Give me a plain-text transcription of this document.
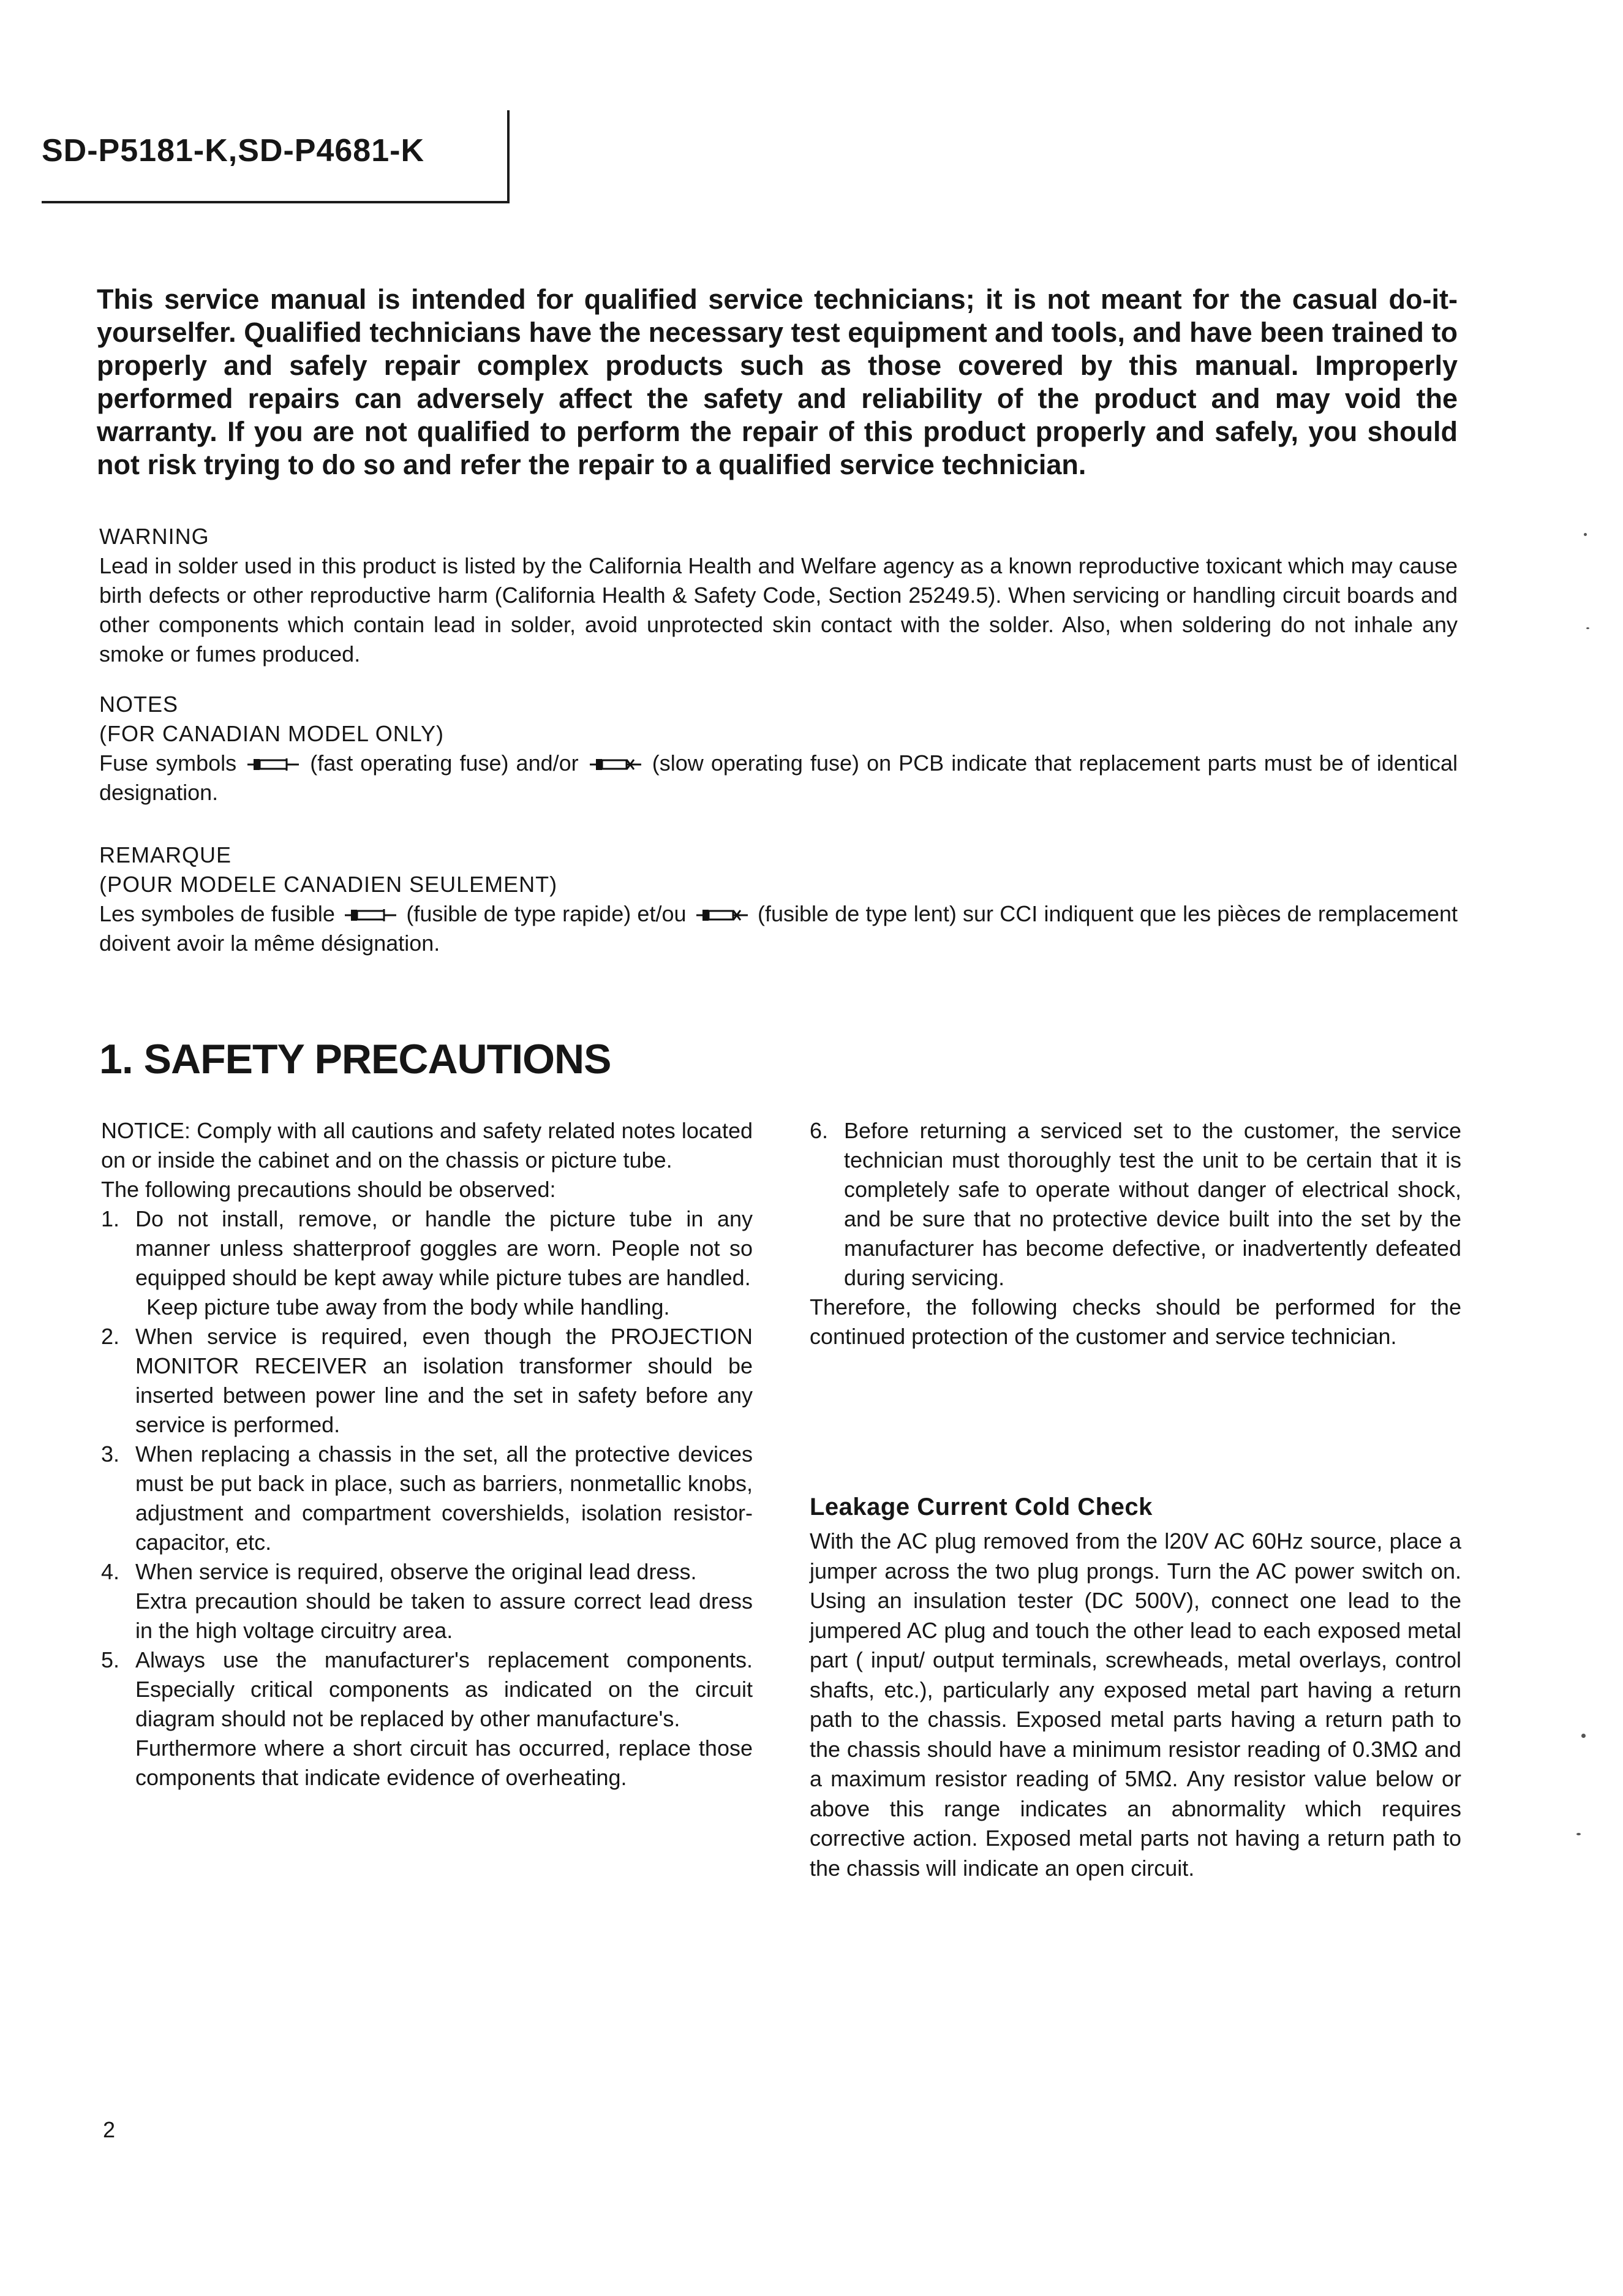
SD-P5181-K,SD-P4681-K

This service manual is intended for qualified service technicians; it is not meant for the casual do-it-yourselfer. Qualified technicians have the necessary test equipment and tools, and have been trained to properly and safely repair complex products such as those covered by this manual. Improperly performed repairs can adversely affect the safety and reliability of the product and may void the warranty. If you are not qualified to perform the repair of this product properly and safely, you should not risk trying to do so and refer the repair to a qualified service technician.

WARNING

Lead in solder used in this product is listed by the California Health and Welfare agency as a known reproductive toxicant which may cause birth defects or other reproductive harm (California Health & Safety Code, Section 25249.5). When servicing or handling circuit boards and other components which contain lead in solder, avoid unprotected skin contact with the solder. Also, when soldering do not inhale any smoke or fumes produced.

NOTES
(FOR CANADIAN MODEL ONLY)

Fuse symbols	(fast operating fuse) and/or	(slow operating fuse) on PCB indicate that replacement parts must be of identical designation.

REMARQUE
(POUR MODELE CANADIEN SEULEMENT)

Les symboles de fusible	(fusible de type rapide) et/ou	(fusible de type lent) sur CCI indiquent que les pièces de remplacement doivent avoir la même désignation.

1. SAFETY PRECAUTIONS

NOTICE: Comply with all cautions and safety related notes located on or inside the cabinet and on the chassis or picture tube.

The following precautions should be observed:

1. Do not install, remove, or handle the picture tube in any manner unless shatterproof goggles are worn. People not so equipped should be kept away while picture tubes are handled.
Keep picture tube away from the body while handling.
2. When service is required, even though the PROJECTION MONITOR RECEIVER an isolation transformer should be inserted between power line and the set in safety before any service is performed.
3. When replacing a chassis in the set, all the protective devices must be put back in place, such as barriers, nonmetallic knobs, adjustment and compartment covershields, isolation resistor-capacitor, etc.
4. When service is required, observe the original lead dress.
Extra precaution should be taken to assure correct lead dress in the high voltage circuitry area.
5. Always use the manufacturer's replacement components. Especially critical components as indicated on the circuit diagram should not be replaced by other manufacture's.
Furthermore where a short circuit has occurred, replace those components that indicate evidence of overheating.
6. Before returning a serviced set to the customer, the service technician must thoroughly test the unit to be certain that it is completely safe to operate without danger of electrical shock, and be sure that no protective device built into the set by the manufacturer has become defective, or inadvertently defeated during servicing.

Therefore, the following checks should be performed for the continued protection of the customer and service technician.

Leakage Current Cold Check

With the AC plug removed from the l20V AC 60Hz source, place a jumper across the two plug prongs. Turn the AC power switch on. Using an insulation tester (DC 500V), connect one lead to the jumpered AC plug and touch the other lead to each exposed metal part ( input/ output terminals, screwheads, metal overlays, control shafts, etc.), particularly any exposed metal part having a return path to the chassis. Exposed metal parts having a return path to the chassis should have a minimum resistor reading of 0.3MΩ and a maximum resistor reading of 5MΩ. Any resistor value below or above this range indicates an abnormality which requires corrective action. Exposed metal parts not having a return path to the chassis will indicate an open circuit.

2
